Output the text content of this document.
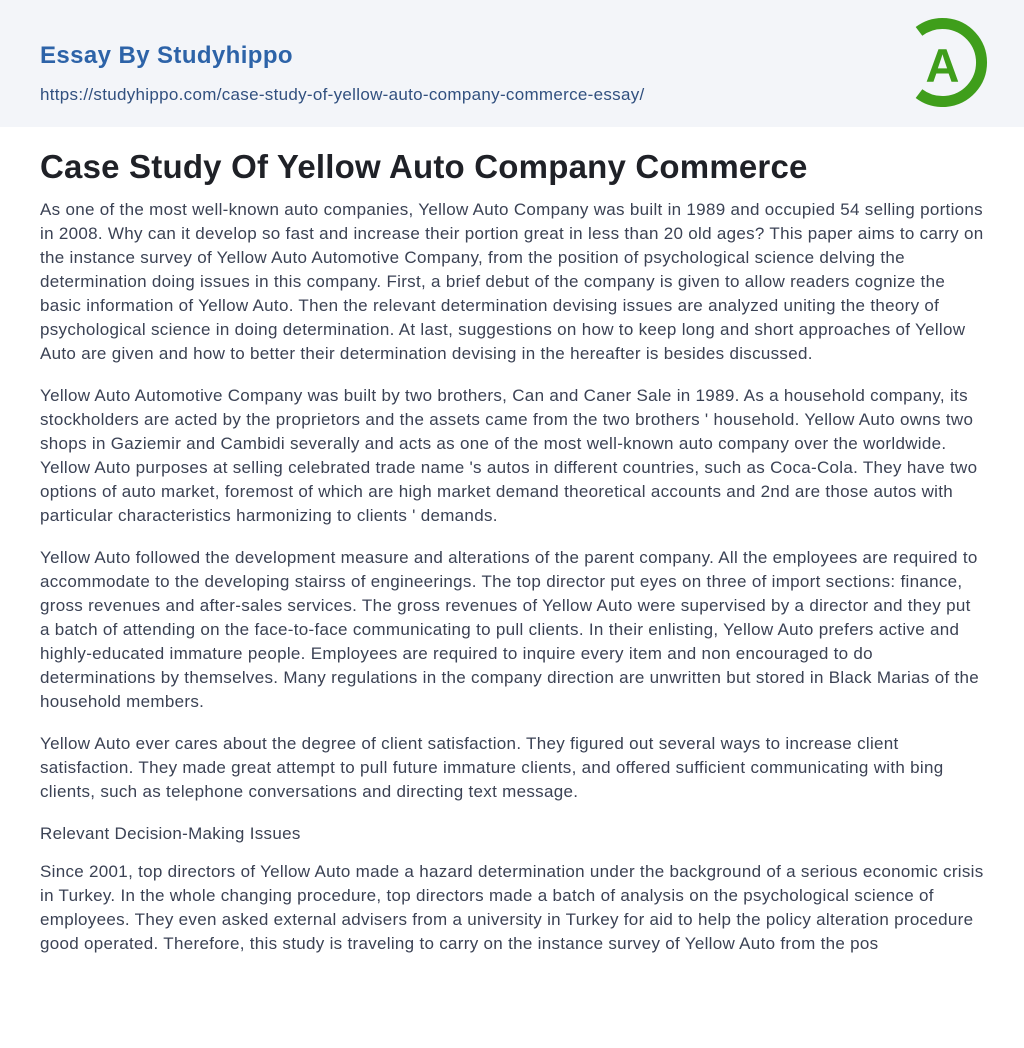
Essay By Studyhippo
https://studyhippo.com/case-study-of-yellow-auto-company-commerce-essay/
A
Case Study Of Yellow Auto Company Commerce

As one of the most well-known auto companies, Yellow Auto Company was built in 1989 and occupied 54 selling portions in 2008. Why can it develop so fast and increase their portion great in less than 20 old ages? This paper aims to carry on the instance survey of Yellow Auto Automotive Company, from the position of psychological science delving the determination doing issues in this company. First, a brief debut of the company is given to allow readers cognize the basic information of Yellow Auto. Then the relevant determination devising issues are analyzed uniting the theory of psychological science in doing determination. At last, suggestions on how to keep long and short approaches of Yellow Auto are given and how to better their determination devising in the hereafter is besides discussed.

Yellow Auto Automotive Company was built by two brothers, Can and Caner Sale in 1989. As a household company, its stockholders are acted by the proprietors and the assets came from the two brothers ' household. Yellow Auto owns two shops in Gaziemir and Cambidi severally and acts as one of the most well-known auto company over the worldwide. Yellow Auto purposes at selling celebrated trade name 's autos in different countries, such as Coca-Cola. They have two options of auto market, foremost of which are high market demand theoretical accounts and 2nd are those autos with particular characteristics harmonizing to clients ' demands.

Yellow Auto followed the development measure and alterations of the parent company. All the employees are required to accommodate to the developing stairss of engineerings. The top director put eyes on three of import sections: finance, gross revenues and after-sales services. The gross revenues of Yellow Auto were supervised by a director and they put a batch of attending on the face-to-face communicating to pull clients. In their enlisting, Yellow Auto prefers active and highly-educated immature people. Employees are required to inquire every item and non encouraged to do determinations by themselves. Many regulations in the company direction are unwritten but stored in Black Marias of the household members.

Yellow Auto ever cares about the degree of client satisfaction. They figured out several ways to increase client satisfaction. They made great attempt to pull future immature clients, and offered sufficient communicating with bing clients, such as telephone conversations and directing text message.

Relevant Decision-Making Issues

Since 2001, top directors of Yellow Auto made a hazard determination under the background of a serious economic crisis in Turkey. In the whole changing procedure, top directors made a batch of analysis on the psychological science of employees. They even asked external advisers from a university in Turkey for aid to help the policy alteration procedure good operated. Therefore, this study is traveling to carry on the instance survey of Yellow Auto from the pos
